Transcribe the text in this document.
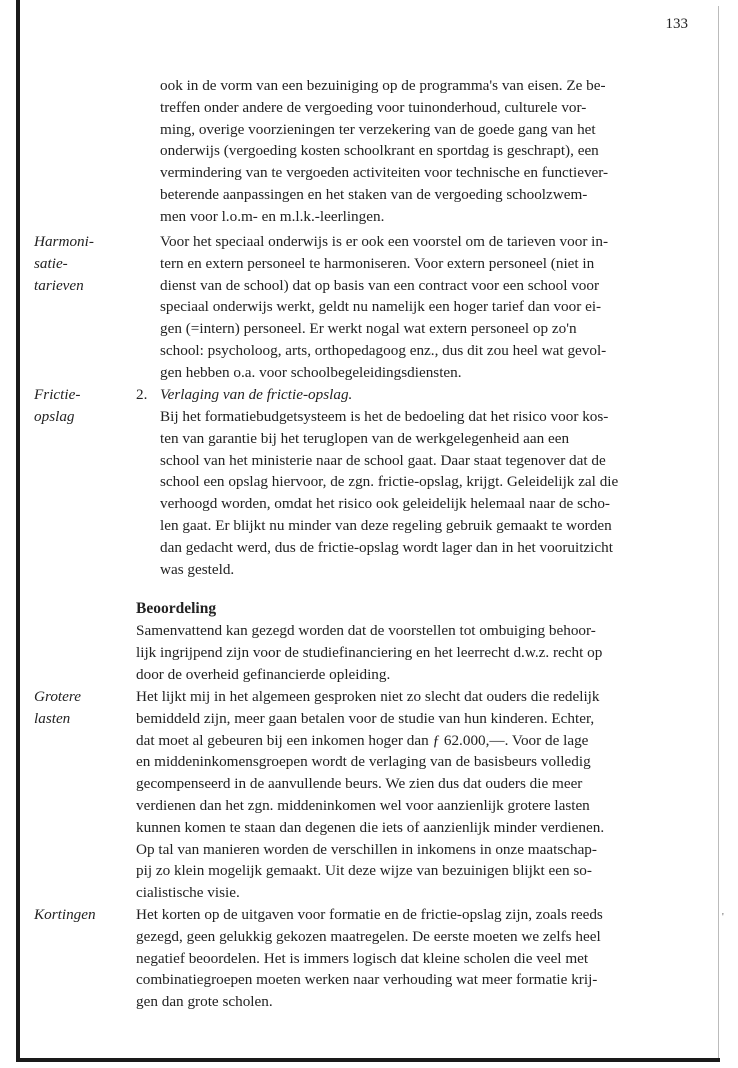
133
ook in de vorm van een bezuiniging op de programma's van eisen. Ze be-
treffen onder andere de vergoeding voor tuinonderhoud, culturele vor-
ming, overige voorzieningen ter verzekering van de goede gang van het
onderwijs (vergoeding kosten schoolkrant en sportdag is geschrapt), een
vermindering van te vergoeden activiteiten voor technische en functiever-
beterende aanpassingen en het staken van de vergoeding schoolzwem-
men voor l.o.m- en m.l.k.-leerlingen.
Harmoni-
satie-
tarieven
Voor het speciaal onderwijs is er ook een voorstel om de tarieven voor in-
tern en extern personeel te harmoniseren. Voor extern personeel (niet in
dienst van de school) dat op basis van een contract voor een school voor
speciaal onderwijs werkt, geldt nu namelijk een hoger tarief dan voor ei-
gen (=intern) personeel. Er werkt nogal wat extern personeel op zo'n
school: psycholoog, arts, orthopedagoog enz., dus dit zou heel wat gevol-
gen hebben o.a. voor schoolbegeleidingsdiensten.
Frictie-
opslag
2. Verlaging van de frictie-opslag.
Bij het formatiebudgetsysteem is het de bedoeling dat het risico voor kos-
ten van garantie bij het teruglopen van de werkgelegenheid aan een
school van het ministerie naar de school gaat. Daar staat tegenover dat de
school een opslag hiervoor, de zgn. frictie-opslag, krijgt. Geleidelijk zal die
verhoogd worden, omdat het risico ook geleidelijk helemaal naar de scho-
len gaat. Er blijkt nu minder van deze regeling gebruik gemaakt te worden
dan gedacht werd, dus de frictie-opslag wordt lager dan in het vooruitzicht
was gesteld.
Beoordeling
Samenvattend kan gezegd worden dat de voorstellen tot ombuiging behoor-
lijk ingrijpend zijn voor de studiefinanciering en het leerrecht d.w.z. recht op
door de overheid gefinancierde opleiding.
Grotere
lasten
Het lijkt mij in het algemeen gesproken niet zo slecht dat ouders die redelijk
bemiddeld zijn, meer gaan betalen voor de studie van hun kinderen. Echter,
dat moet al gebeuren bij een inkomen hoger dan ƒ 62.000,—. Voor de lage
en middeninkomensgroepen wordt de verlaging van de basisbeurs volledig
gecompenseerd in de aanvullende beurs. We zien dus dat ouders die meer
verdienen dan het zgn. middeninkomen wel voor aanzienlijk grotere lasten
kunnen komen te staan dan degenen die iets of aanzienlijk minder verdienen.
Op tal van manieren worden de verschillen in inkomens in onze maatschap-
pij zo klein mogelijk gemaakt. Uit deze wijze van bezuinigen blijkt een so-
cialistische visie.
Kortingen	Het korten op de uitgaven voor formatie en de frictie-opslag zijn, zoals reeds
gezegd, geen gelukkig gekozen maatregelen. De eerste moeten we zelfs heel
negatief beoordelen. Het is immers logisch dat kleine scholen die veel met
combinatiegroepen moeten werken naar verhouding wat meer formatie krij-
gen dan grote scholen.
'
